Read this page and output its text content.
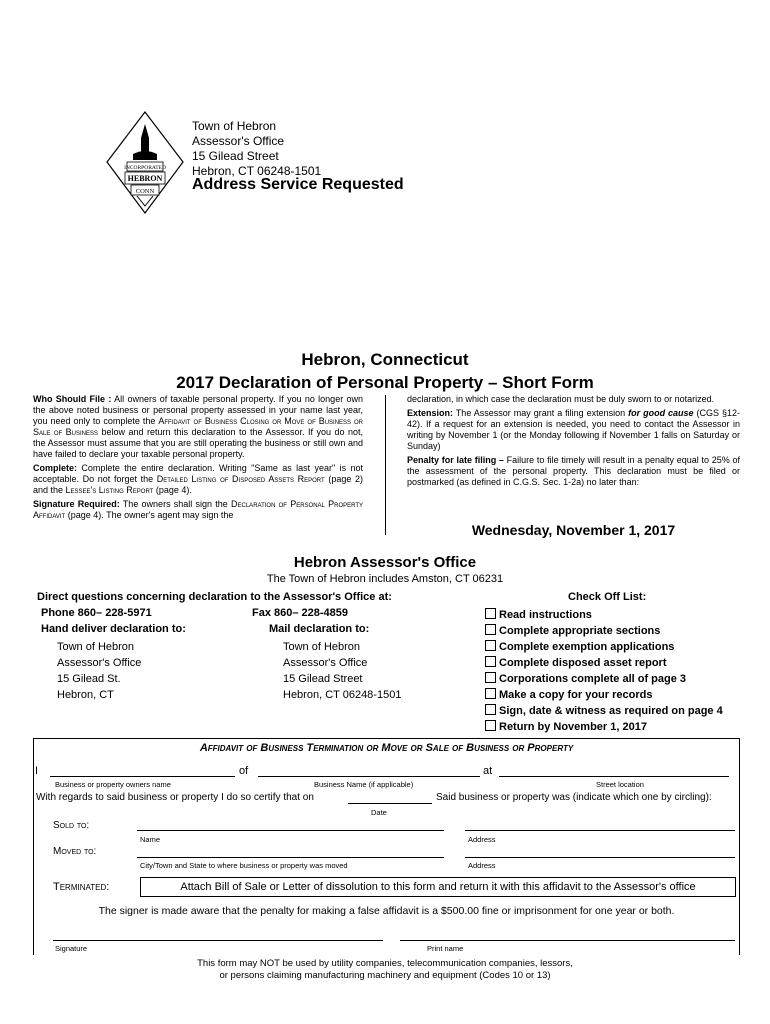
INCORPORATED
HEBRON
CONN
Town of Hebron
Assessor's Office
15 Gilead Street
Hebron, CT 06248-1501
Address Service Requested
Hebron, Connecticut
2017 Declaration of Personal Property – Short Form

Who Should File : All owners of taxable personal property. If you no longer own the above noted business or personal property assessed in your name last year, you need only to complete the Affidavit of Business Closing or Move of Business or Sale of Business below and return this declaration to the Assessor. If you do not, the Assessor must assume that you are still operating the business or still own and have failed to declare your taxable personal property.

Complete: Complete the entire declaration. Writing "Same as last year" is not acceptable. Do not forget the Detailed Listing of Disposed Assets Report (page 2) and the Lessee's Listing Report (page 4).

Signature Required: The owners shall sign the Declaration of Personal Property Affidavit (page 4). The owner's agent may sign the

declaration, in which case the declaration must be duly sworn to or notarized.

Extension: The Assessor may grant a filing extension for good cause (CGS §12-42). If a request for an extension is needed, you need to contact the Assessor in writing by November 1 (or the Monday following if November 1 falls on Saturday or Sunday)

Penalty for late filing – Failure to file timely will result in a penalty equal to 25% of the assessment of the personal property. This declaration must be filed or postmarked (as defined in C.G.S. Sec. 1-2a) no later than:

Wednesday, November 1, 2017
Hebron Assessor's Office
The Town of Hebron includes Amston, CT 06231
Direct questions concerning declaration to the Assessor's Office at:
Phone 860– 228-5971	Fax 860– 228-4859
Hand deliver declaration to:	Mail declaration to:
Town of Hebron
Assessor's Office
15 Gilead St.
Hebron, CT
Town of Hebron
Assessor's Office
15 Gilead Street
Hebron, CT 06248-1501
Check Off List:
Read instructions
Complete appropriate sections
Complete exemption applications
Complete disposed asset report
Corporations complete all of page 3
Make a copy for your records
Sign, date & witness as required on page 4
Return by November 1, 2017
Affidavit of Business Termination or Move or Sale of Business or Property
I	of	at
Business or property owners name	Business Name (if applicable)	Street location
With regards to said business or property I do so certify that on	Said business or property was (indicate which one by circling):
Date
Sold to:
Name	Address
Moved to:
City/Town and State to where business or property was moved	Address
Terminated:	Attach Bill of Sale or Letter of dissolution to this form and return it with this affidavit to the Assessor's office
The signer is made aware that the penalty for making a false affidavit is a $500.00 fine or imprisonment for one year or both.
Signature	Print name
This form may NOT be used by utility companies, telecommunication companies, lessors,
or persons claiming manufacturing machinery and equipment (Codes 10 or 13)
